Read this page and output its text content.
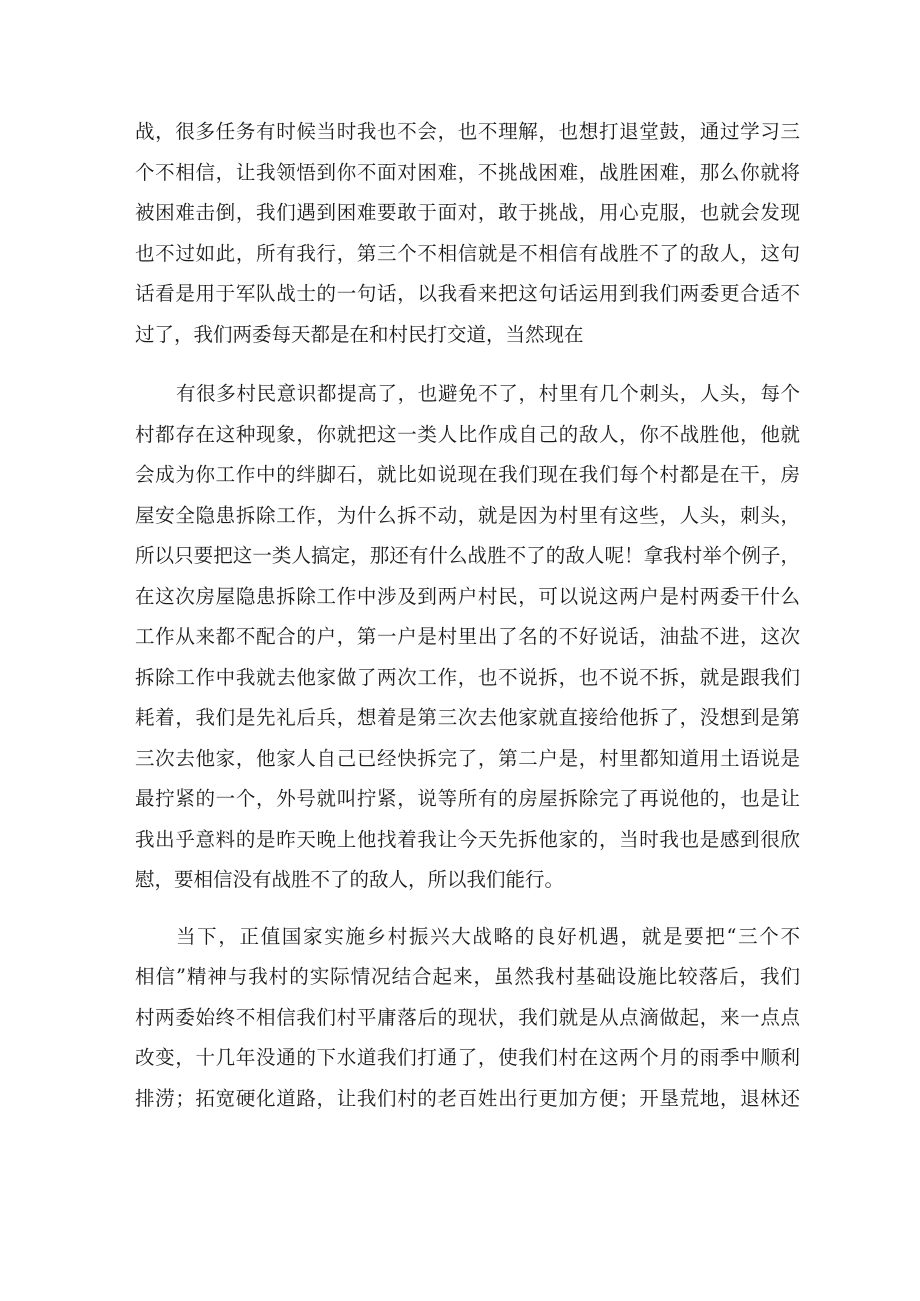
战，很多任务有时候当时我也不会，也不理解，也想打退堂鼓，通过学习三
个不相信，让我领悟到你不面对困难，不挑战困难，战胜困难，那么你就将
被困难击倒，我们遇到困难要敢于面对，敢于挑战，用心克服，也就会发现
也不过如此，所有我行，第三个不相信就是不相信有战胜不了的敌人，这句
话看是用于军队战士的一句话，以我看来把这句话运用到我们两委更合适不
过了，我们两委每天都是在和村民打交道，当然现在
有很多村民意识都提高了，也避免不了，村里有几个刺头，人头，每个
村都存在这种现象，你就把这一类人比作成自己的敌人，你不战胜他，他就
会成为你工作中的绊脚石，就比如说现在我们现在我们每个村都是在干，房
屋安全隐患拆除工作，为什么拆不动，就是因为村里有这些，人头，刺头，
所以只要把这一类人搞定，那还有什么战胜不了的敌人呢！拿我村举个例子，
在这次房屋隐患拆除工作中涉及到两户村民，可以说这两户是村两委干什么
工作从来都不配合的户，第一户是村里出了名的不好说话，油盐不进，这次
拆除工作中我就去他家做了两次工作，也不说拆，也不说不拆，就是跟我们
耗着，我们是先礼后兵，想着是第三次去他家就直接给他拆了，没想到是第
三次去他家，他家人自己已经快拆完了，第二户是，村里都知道用土语说是
最拧紧的一个，外号就叫拧紧，说等所有的房屋拆除完了再说他的，也是让
我出乎意料的是昨天晚上他找着我让今天先拆他家的，当时我也是感到很欣
慰，要相信没有战胜不了的敌人，所以我们能行。
当下，正值国家实施乡村振兴大战略的良好机遇，就是要把“三个不
相信”精神与我村的实际情况结合起来，虽然我村基础设施比较落后，我们
村两委始终不相信我们村平庸落后的现状，我们就是从点滴做起，来一点点
改变，十几年没通的下水道我们打通了，使我们村在这两个月的雨季中顺利
排涝；拓宽硬化道路，让我们村的老百姓出行更加方便；开垦荒地，退林还
